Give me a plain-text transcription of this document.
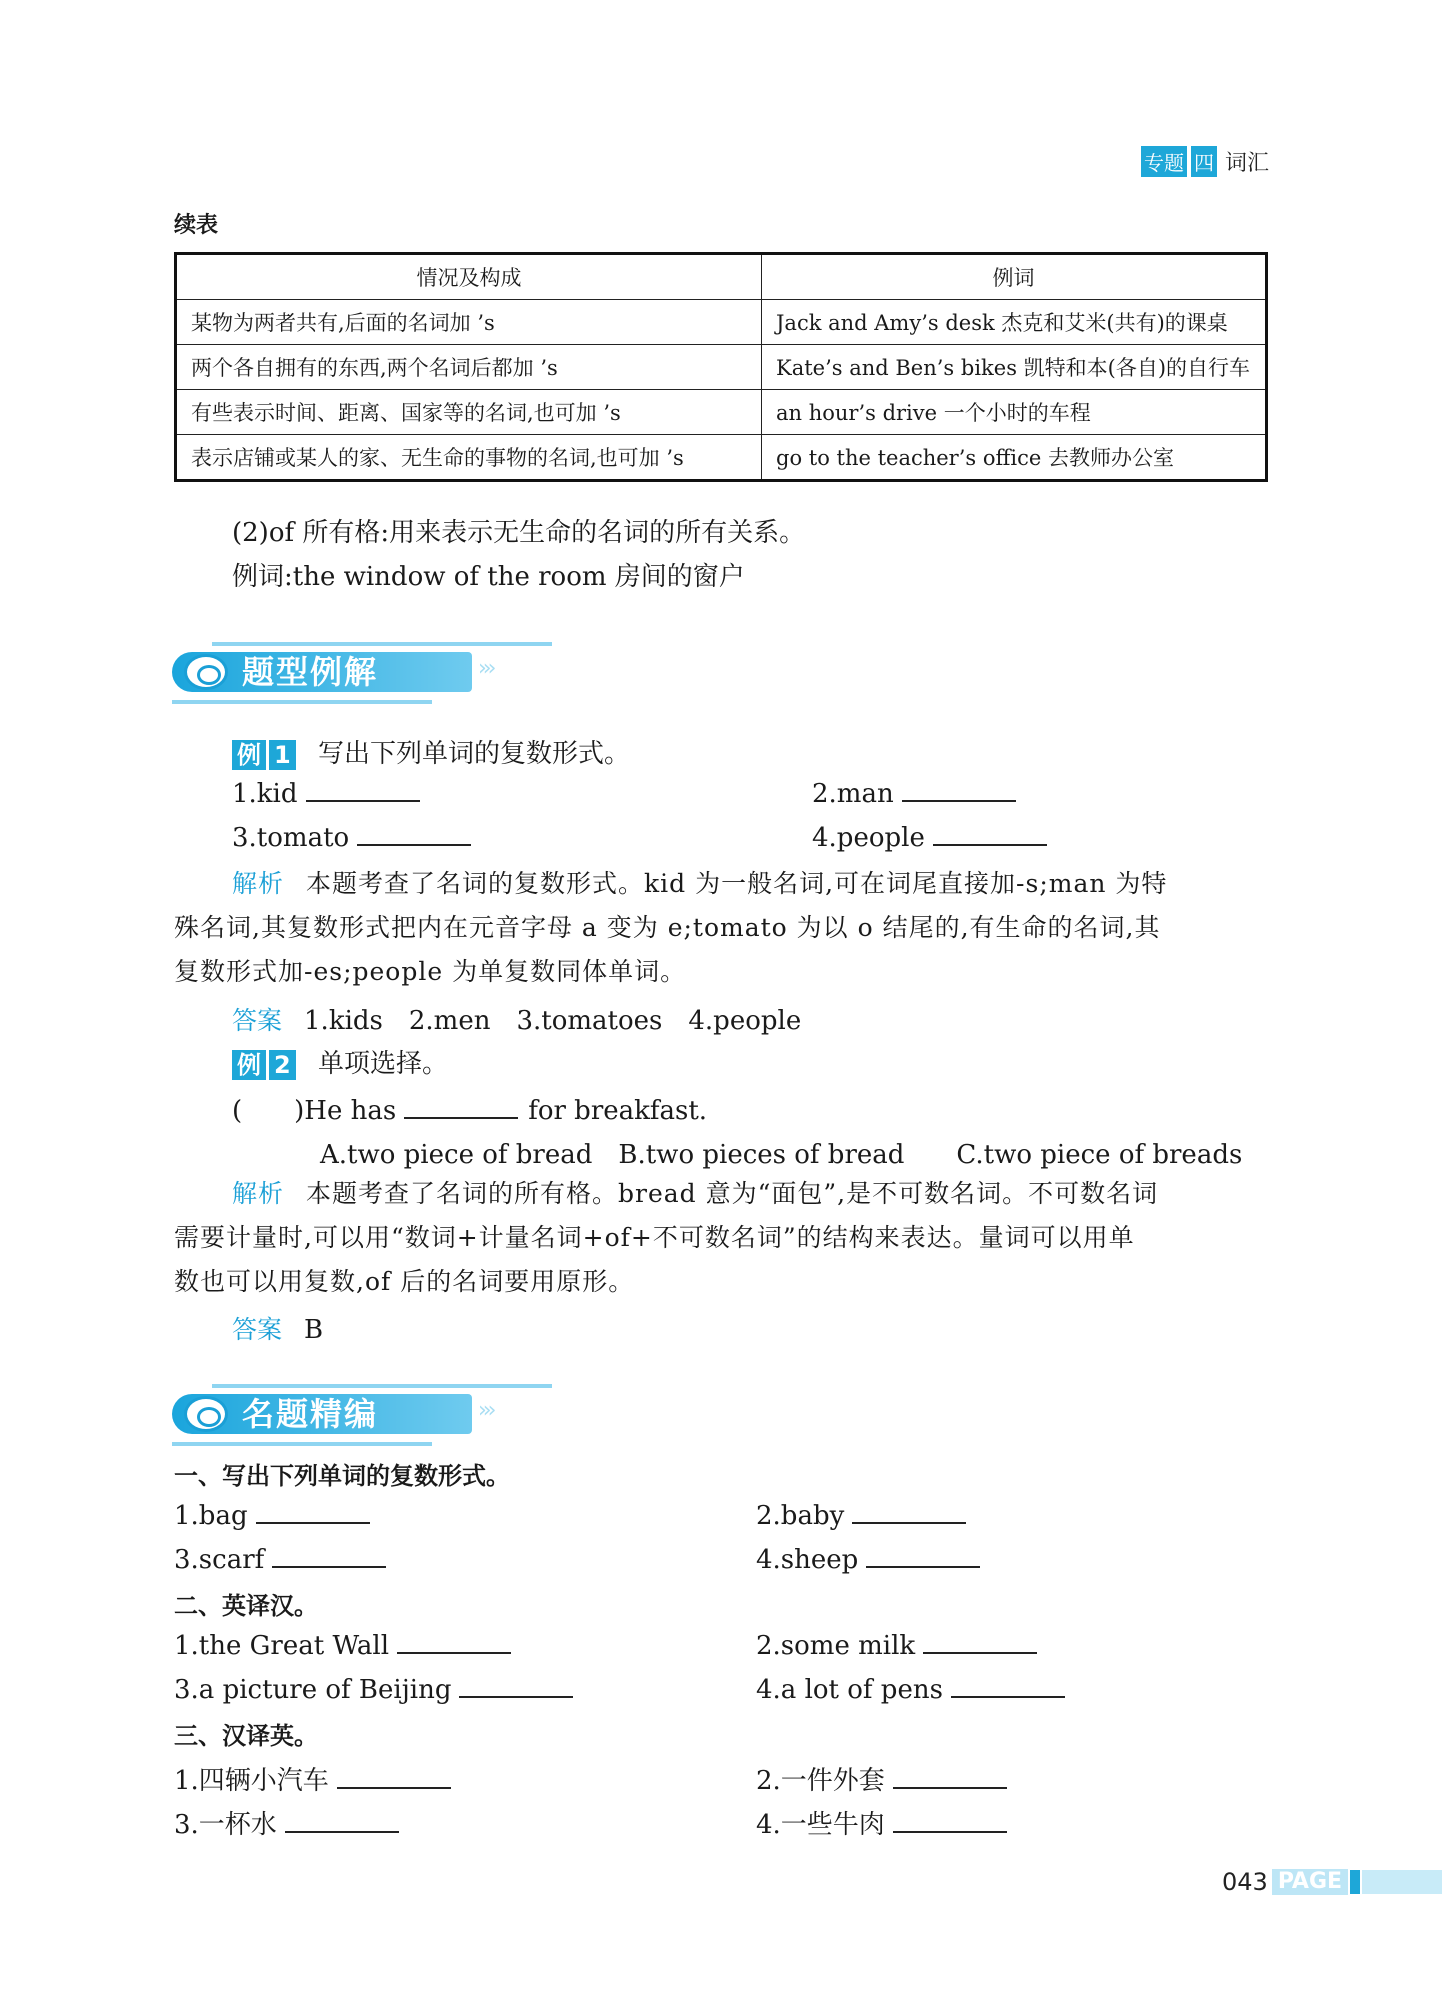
专题 四 词汇
续表
情况及构成	例词
某物为两者共有,后面的名词加 ’s	Jack and Amy’s desk 杰克和艾米(共有)的课桌
两个各自拥有的东西,两个名词后都加 ’s	Kate’s and Ben’s bikes 凯特和本(各自)的自行车
有些表示时间、距离、国家等的名词,也可加 ’s	an hour’s drive 一个小时的车程
表示店铺或某人的家、无生命的事物的名词,也可加 ’s	go to the teacher’s office 去教师办公室
(2)of 所有格:用来表示无生命的名词的所有关系。
例词:the window of the room 房间的窗户
题型例解	›››
例 1 写出下列单词的复数形式。
1.kid	2.man
3.tomato	4.people
解析 本题考查了名词的复数形式。kid 为一般名词,可在词尾直接加-s;man 为特
殊名词,其复数形式把内在元音字母 a 变为 e;tomato 为以 o 结尾的,有生命的名词,其
复数形式加-es;people 为单复数同体单词。
答案 1.kids　2.men　3.tomatoes　4.people
例 2 单项选择。
(　　)He has	for breakfast.
A.two piece of bread　B.two pieces of bread　　C.two piece of breads
解析 本题考查了名词的所有格。bread 意为“面包”,是不可数名词。不可数名词
需要计量时,可以用“数词+计量名词+of+不可数名词”的结构来表达。量词可以用单
数也可以用复数,of 后的名词要用原形。
答案 B
名题精编	›››
一、写出下列单词的复数形式。
1.bag	2.baby
3.scarf	4.sheep
二、英译汉。
1.the Great Wall	2.some milk
3.a picture of Beijing	4.a lot of pens
三、汉译英。
1.四辆小汽车	2.一件外套
3.一杯水	4.一些牛肉
043 PAGE
